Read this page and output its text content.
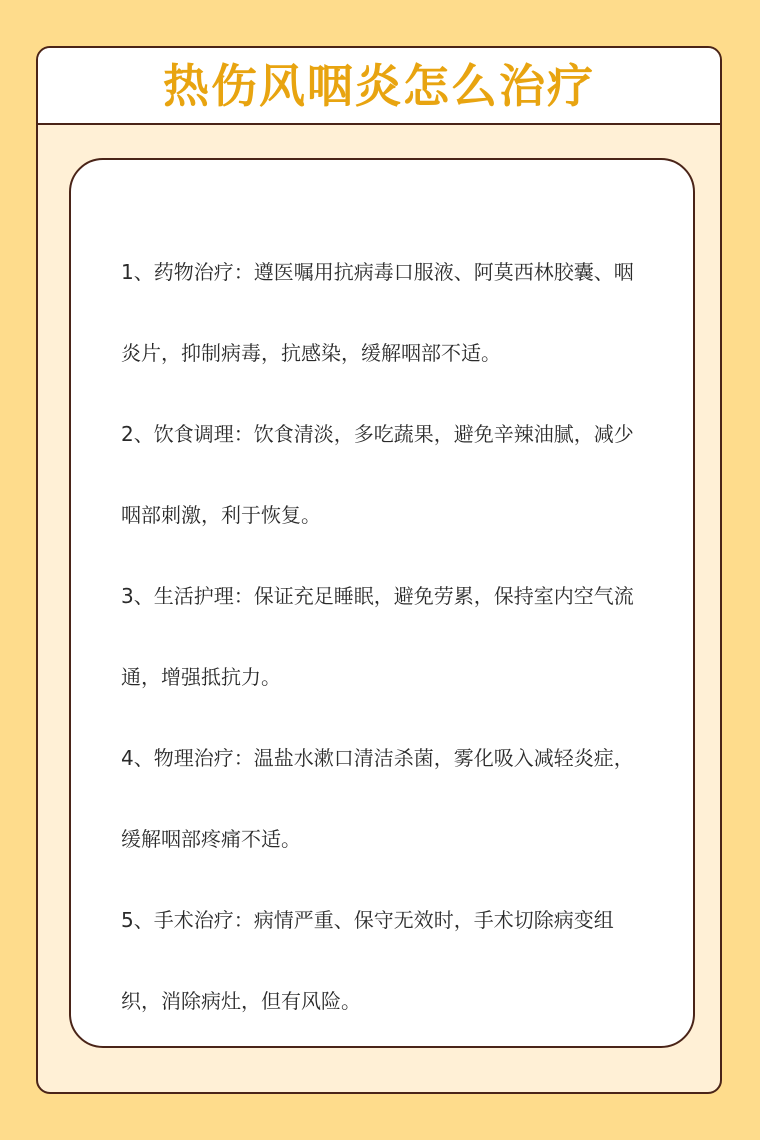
热伤风咽炎怎么治疗
1、药物治疗：遵医嘱用抗病毒口服液、阿莫西林胶囊、咽炎片，抑制病毒，抗感染，缓解咽部不适。
2、饮食调理：饮食清淡，多吃蔬果，避免辛辣油腻，减少咽部刺激，利于恢复。
3、生活护理：保证充足睡眠，避免劳累，保持室内空气流通，增强抵抗力。
4、物理治疗：温盐水漱口清洁杀菌，雾化吸入减轻炎症，缓解咽部疼痛不适。
5、手术治疗：病情严重、保守无效时，手术切除病变组织，消除病灶，但有风险。
